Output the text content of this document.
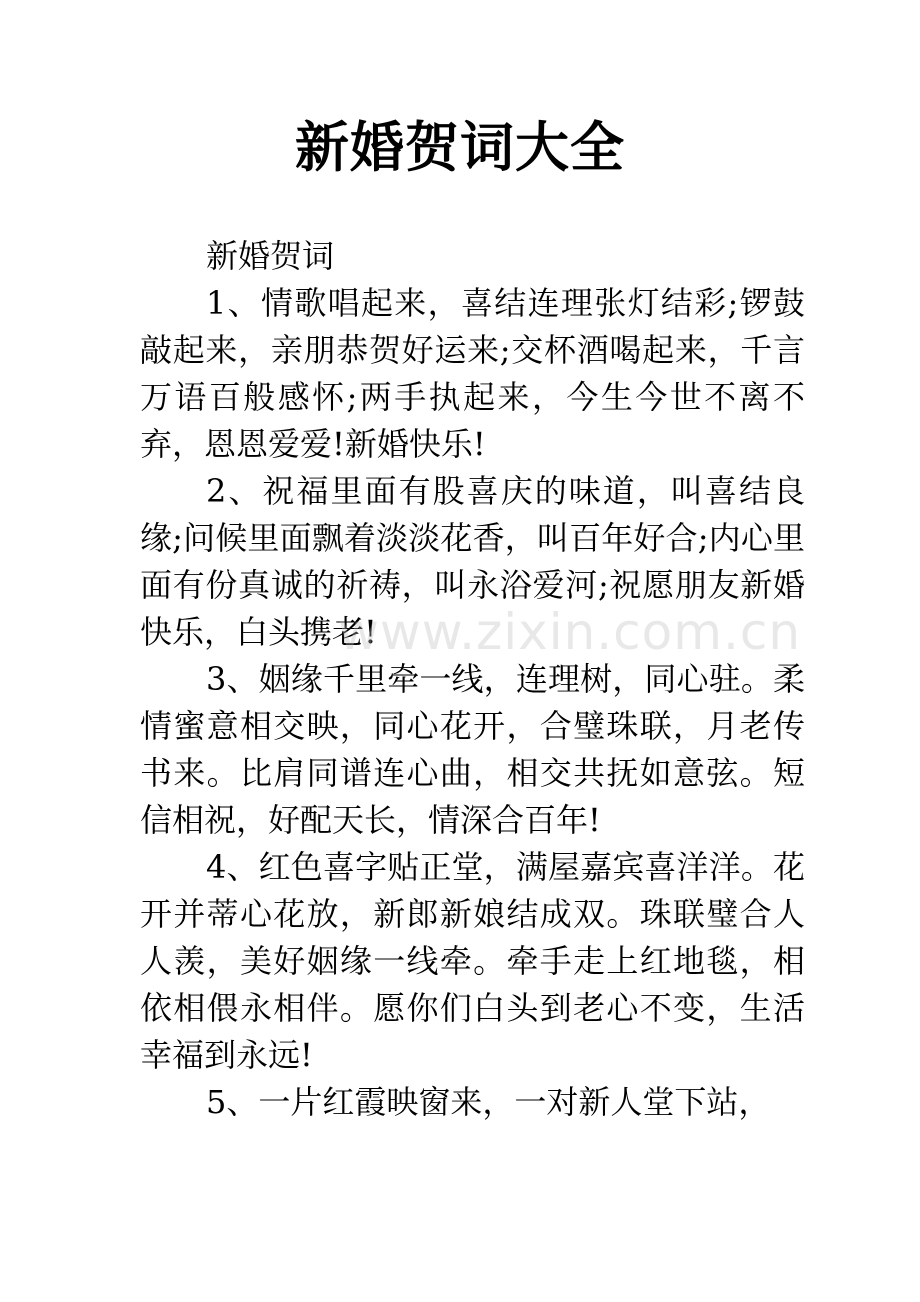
新婚贺词大全

新婚贺词

1、情歌唱起来，喜结连理张灯结彩;锣鼓敲起来，亲朋恭贺好运来;交杯酒喝起来，千言万语百般感怀;两手执起来，今生今世不离不弃，恩恩爱爱!新婚快乐!

2、祝福里面有股喜庆的味道，叫喜结良缘;问候里面飘着淡淡花香，叫百年好合;内心里面有份真诚的祈祷，叫永浴爱河;祝愿朋友新婚快乐，白头携老!

3、姻缘千里牵一线，连理树，同心驻。柔情蜜意相交映，同心花开，合璧珠联，月老传书来。比肩同谱连心曲，相交共抚如意弦。短信相祝，好配天长，情深合百年!

4、红色喜字贴正堂，满屋嘉宾喜洋洋。花开并蒂心花放，新郎新娘结成双。珠联璧合人人羡，美好姻缘一线牵。牵手走上红地毯，相依相偎永相伴。愿你们白头到老心不变，生活幸福到永远!

5、一片红霞映窗来，一对新人堂下站，

www.zixin.com.cn
